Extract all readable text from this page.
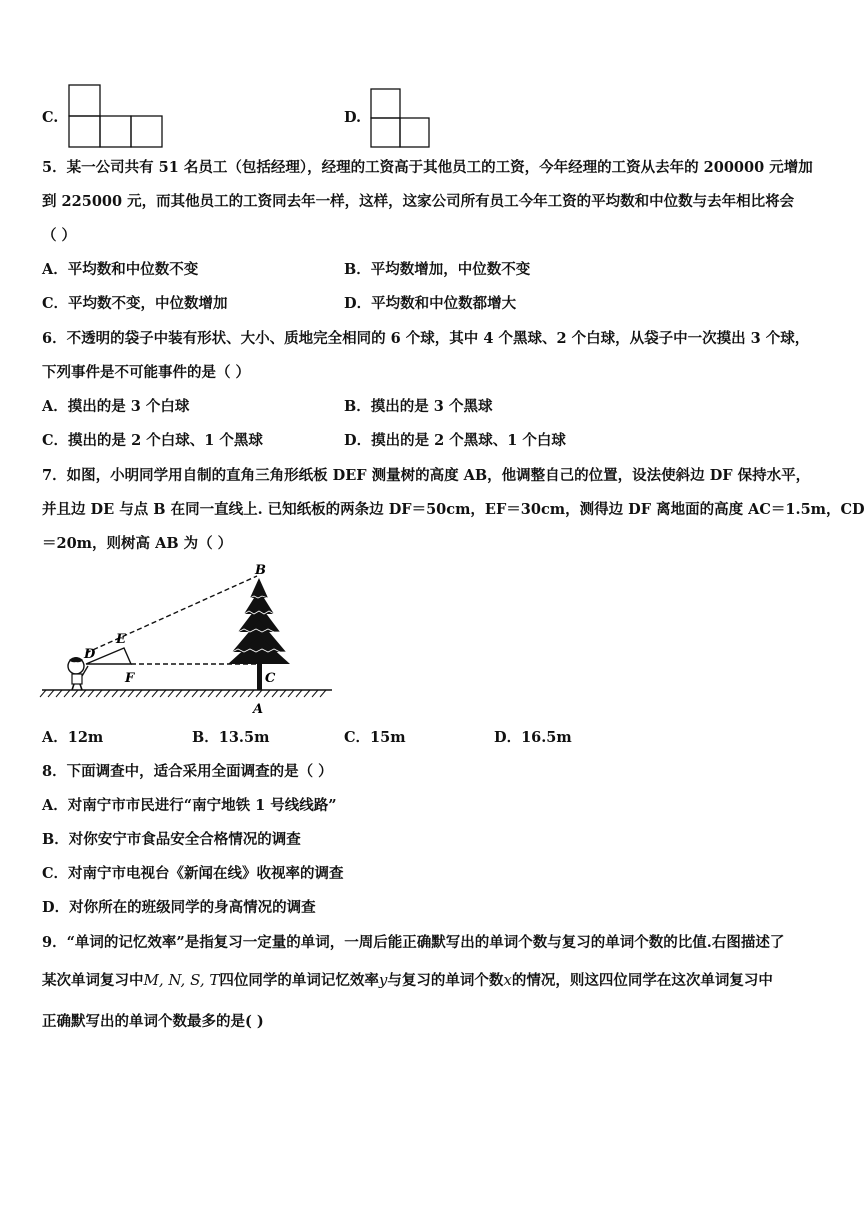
C.	D.
5．某一公司共有 51 名员工（包括经理），经理的工资高于其他员工的工资，今年经理的工资从去年的 200000 元增加
到 225000 元，而其他员工的工资同去年一样，这样，这家公司所有员工今年工资的平均数和中位数与去年相比将会
（ ）
A．平均数和中位数不变	B．平均数增加，中位数不变
C．平均数不变，中位数增加	D．平均数和中位数都增大
6．不透明的袋子中装有形状、大小、质地完全相同的 6 个球，其中 4 个黑球、2 个白球，从袋子中一次摸出 3 个球，
下列事件是不可能事件的是（ ）
A．摸出的是 3 个白球	B．摸出的是 3 个黑球
C．摸出的是 2 个白球、1 个黑球	D．摸出的是 2 个黑球、1 个白球
7．如图，小明同学用自制的直角三角形纸板 DEF 测量树的高度 AB，他调整自己的位置，设法使斜边 DF 保持水平，
并且边 DE 与点 B 在同一直线上. 已知纸板的两条边 DF＝50cm，EF＝30cm，测得边 DF 离地面的高度 AC＝1.5m，CD
＝20m，则树高 AB 为（ ）
B
E
D
F	C
A
A．12m	B．13.5m	C．15m	D．16.5m
8．下面调查中，适合采用全面调查的是（ ）
A．对南宁市市民进行“南宁地铁 1 号线线路”
B．对你安宁市食品安全合格情况的调查
C．对南宁市电视台《新闻在线》收视率的调查
D．对你所在的班级同学的身高情况的调查
9．“单词的记忆效率”是指复习一定量的单词，一周后能正确默写出的单词个数与复习的单词个数的比值.右图描述了
某次单词复习中M, N, S, T四位同学的单词记忆效率y与复习的单词个数x的情况，则这四位同学在这次单词复习中
正确默写出的单词个数最多的是( )
